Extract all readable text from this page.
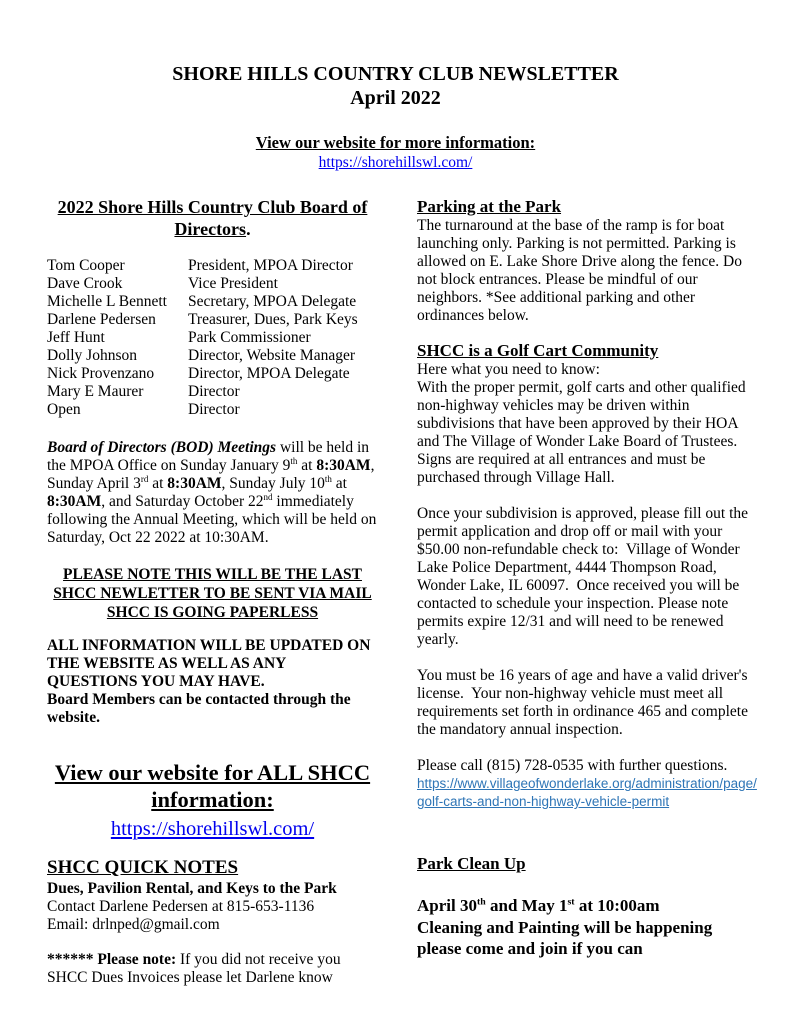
SHORE HILLS COUNTRY CLUB NEWSLETTER
April 2022
View our website for more information:
https://shorehillswl.com/
2022 Shore Hills Country Club Board of Directors.
Tom Cooper	President, MPOA Director
Dave Crook	Vice President
Michelle L Bennett	Secretary, MPOA Delegate
Darlene Pedersen	Treasurer, Dues, Park Keys
Jeff Hunt	Park Commissioner
Dolly Johnson	Director, Website Manager
Nick Provenzano	Director, MPOA Delegate
Mary E Maurer	Director
Open	Director
Board of Directors (BOD) Meetings will be held in the MPOA Office on Sunday January 9th at 8:30AM, Sunday April 3rd at 8:30AM, Sunday July 10th at 8:30AM, and Saturday October 22nd immediately following the Annual Meeting, which will be held on Saturday, Oct 22 2022 at 10:30AM.
PLEASE NOTE THIS WILL BE THE LAST
SHCC NEWLETTER TO BE SENT VIA MAIL
SHCC IS GOING PAPERLESS
ALL INFORMATION WILL BE UPDATED ON THE WEBSITE AS WELL AS ANY QUESTIONS YOU MAY HAVE.
Board Members can be contacted through the website.
View our website for ALL SHCC information:
https://shorehillswl.com/
SHCC QUICK NOTES
Dues, Pavilion Rental, and Keys to the Park
Contact Darlene Pedersen at 815-653-1136
Email: drlnped@gmail.com
****** Please note: If you did not receive you SHCC Dues Invoices please let Darlene know
Parking at the Park
The turnaround at the base of the ramp is for boat launching only. Parking is not permitted. Parking is allowed on E. Lake Shore Drive along the fence. Do not block entrances. Please be mindful of our neighbors. *See additional parking and other ordinances below.
SHCC is a Golf Cart Community
Here what you need to know:
With the proper permit, golf carts and other qualified non-highway vehicles may be driven within subdivisions that have been approved by their HOA and The Village of Wonder Lake Board of Trustees.  Signs are required at all entrances and must be purchased through Village Hall.
Once your subdivision is approved, please fill out the permit application and drop off or mail with your $50.00 non-refundable check to:  Village of Wonder Lake Police Department, 4444 Thompson Road, Wonder Lake, IL 60097.  Once received you will be contacted to schedule your inspection. Please note permits expire 12/31 and will need to be renewed yearly.
You must be 16 years of age and have a valid driver's license.  Your non-highway vehicle must meet all requirements set forth in ordinance 465 and complete the mandatory annual inspection.
Please call (815) 728-0535 with further questions.
https://www.villageofwonderlake.org/administration/page/golf-carts-and-non-highway-vehicle-permit
Park Clean Up
April 30th and May 1st at 10:00am
Cleaning and Painting will be happening
please come and join if you can
